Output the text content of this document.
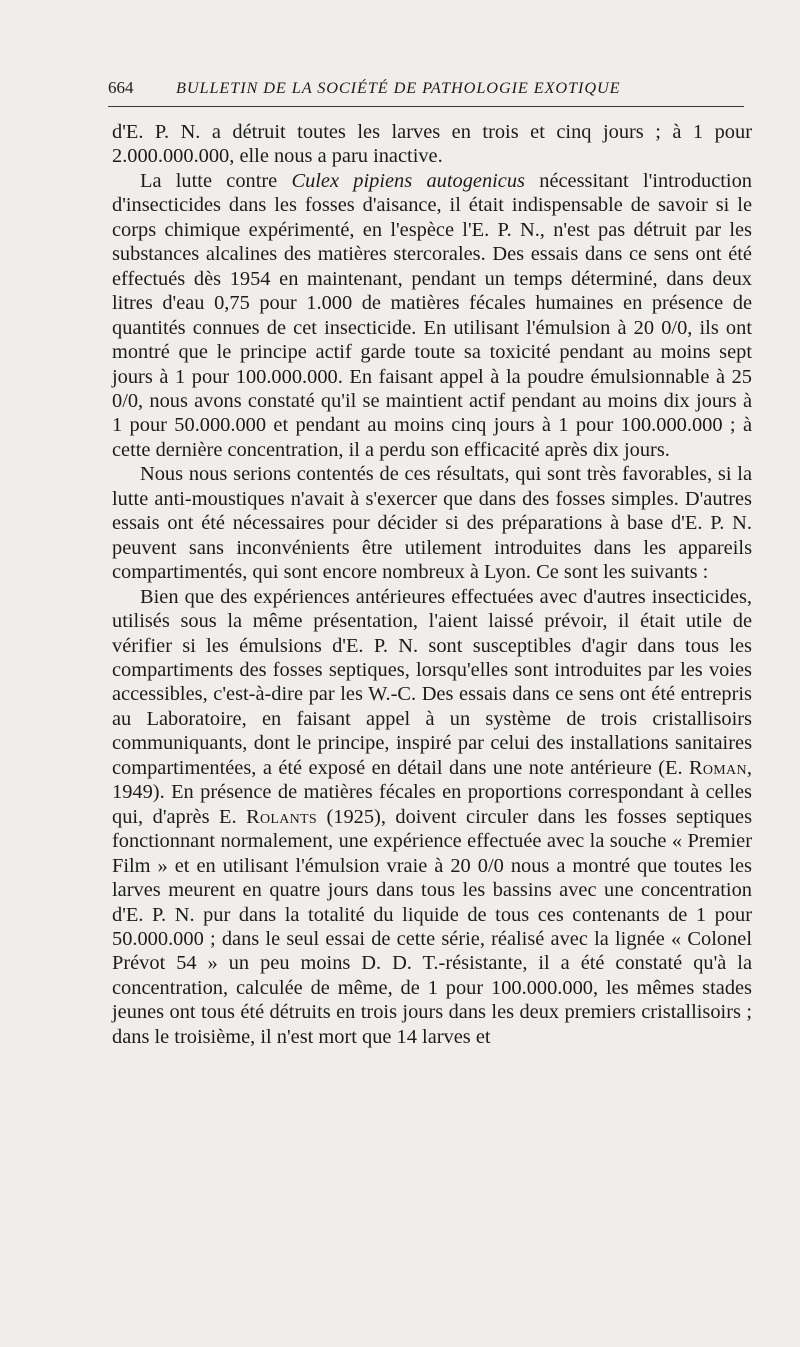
664	BULLETIN DE LA SOCIÉTÉ DE PATHOLOGIE EXOTIQUE

d'E. P. N. a détruit toutes les larves en trois et cinq jours ; à 1 pour 2.000.000.000, elle nous a paru inactive.

La lutte contre Culex pipiens autogenicus nécessitant l'introduction d'insecticides dans les fosses d'aisance, il était indispensable de savoir si le corps chimique expérimenté, en l'espèce l'E. P. N., n'est pas détruit par les substances alcalines des matières stercorales. Des essais dans ce sens ont été effectués dès 1954 en maintenant, pendant un temps déterminé, dans deux litres d'eau 0,75 pour 1.000 de matières fécales humaines en présence de quantités connues de cet insecticide. En utilisant l'émulsion à 20 0/0, ils ont montré que le principe actif garde toute sa toxicité pendant au moins sept jours à 1 pour 100.000.000. En faisant appel à la poudre émulsionnable à 25 0/0, nous avons constaté qu'il se maintient actif pendant au moins dix jours à 1 pour 50.000.000 et pendant au moins cinq jours à 1 pour 100.000.000 ; à cette dernière concentration, il a perdu son efficacité après dix jours.

Nous nous serions contentés de ces résultats, qui sont très favorables, si la lutte anti-moustiques n'avait à s'exercer que dans des fosses simples. D'autres essais ont été nécessaires pour décider si des préparations à base d'E. P. N. peuvent sans inconvénients être utilement introduites dans les appareils compartimentés, qui sont encore nombreux à Lyon. Ce sont les suivants :

Bien que des expériences antérieures effectuées avec d'autres insecticides, utilisés sous la même présentation, l'aient laissé prévoir, il était utile de vérifier si les émulsions d'E. P. N. sont susceptibles d'agir dans tous les compartiments des fosses septiques, lorsqu'elles sont introduites par les voies accessibles, c'est-à-dire par les W.-C. Des essais dans ce sens ont été entrepris au Laboratoire, en faisant appel à un système de trois cristallisoirs communiquants, dont le principe, inspiré par celui des installations sanitaires compartimentées, a été exposé en détail dans une note antérieure (E. Roman, 1949). En présence de matières fécales en proportions correspondant à celles qui, d'après E. Rolants (1925), doivent circuler dans les fosses septiques fonctionnant normalement, une expérience effectuée avec la souche « Premier Film » et en utilisant l'émulsion vraie à 20 0/0 nous a montré que toutes les larves meurent en quatre jours dans tous les bassins avec une concentration d'E. P. N. pur dans la totalité du liquide de tous ces contenants de 1 pour 50.000.000 ; dans le seul essai de cette série, réalisé avec la lignée « Colonel Prévot 54 » un peu moins D. D. T.-résistante, il a été constaté qu'à la concentration, calculée de même, de 1 pour 100.000.000, les mêmes stades jeunes ont tous été détruits en trois jours dans les deux premiers cristallisoirs ; dans le troisième, il n'est mort que 14 larves et
